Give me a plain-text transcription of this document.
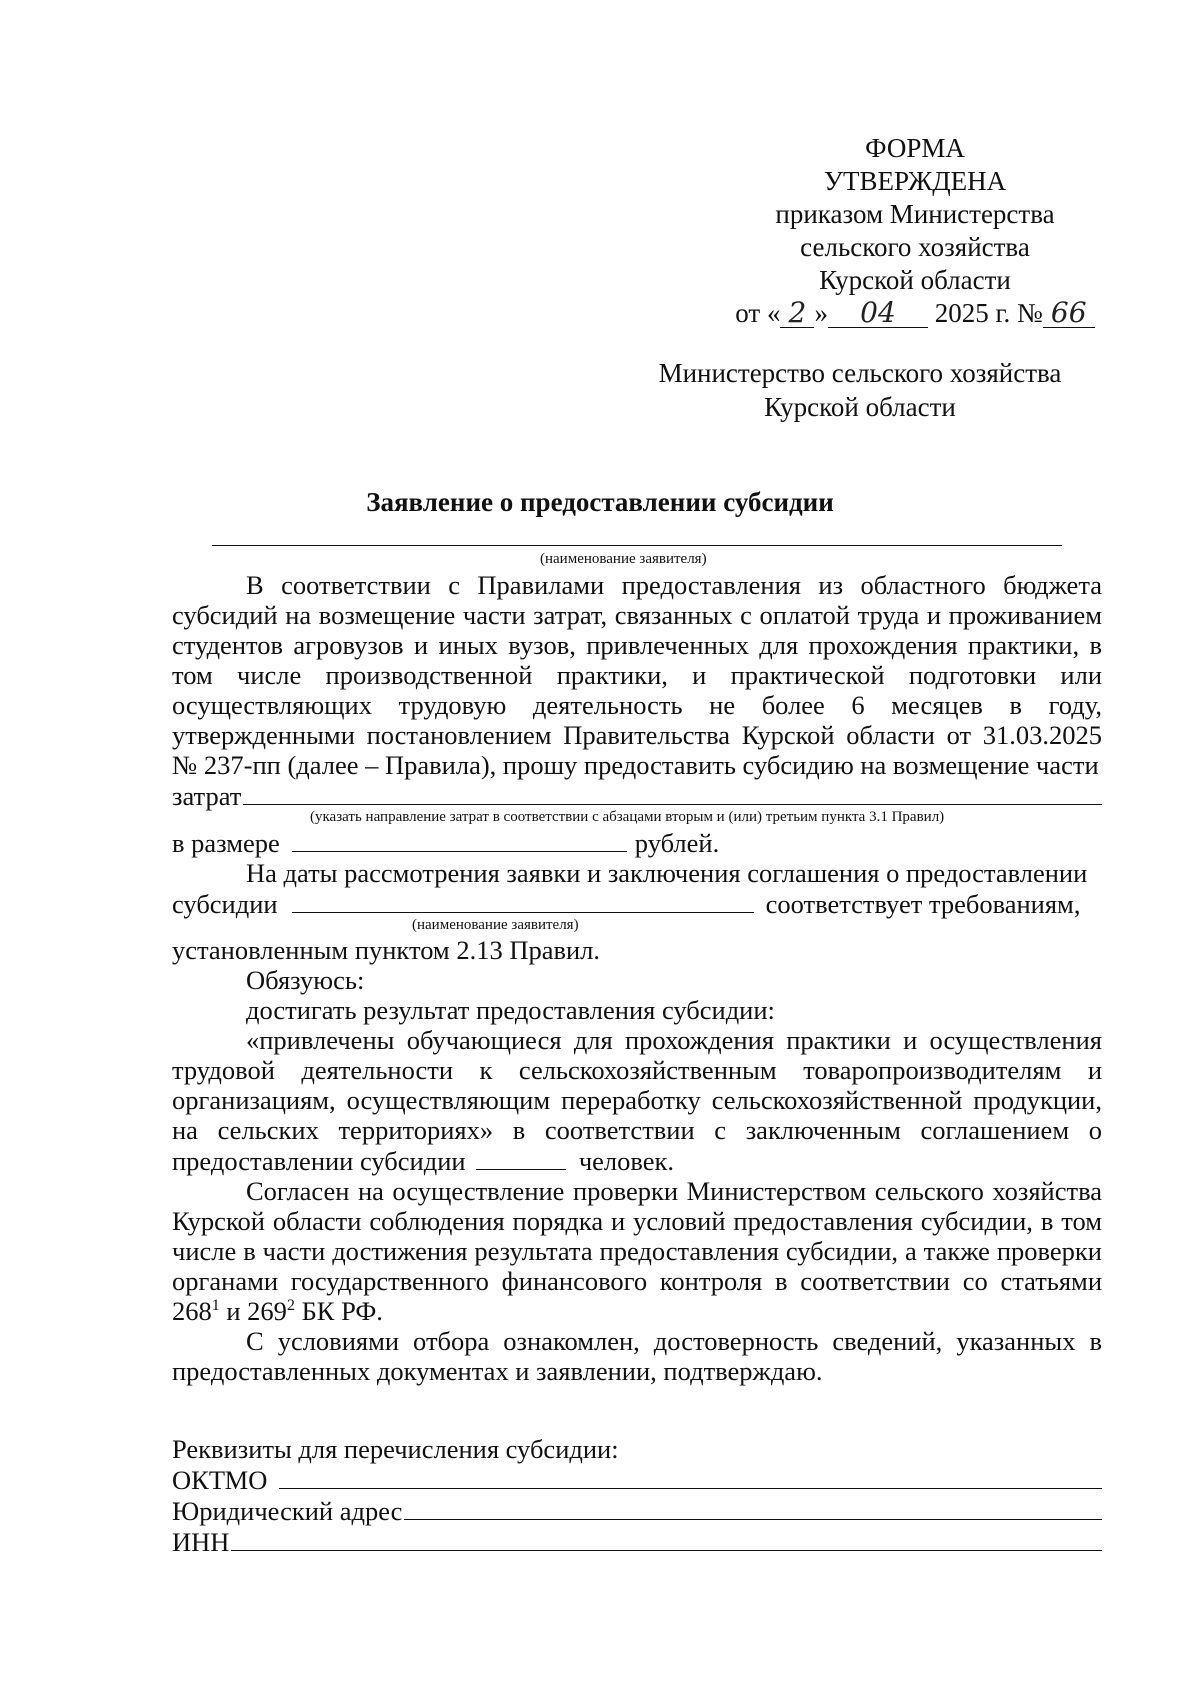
ФОРМА
УТВЕРЖДЕНА
приказом Министерства
сельского хозяйства
Курской области
от « 2 » 04 2025 г. № 66
Министерство сельского хозяйства
Курской области
Заявление о предоставлении субсидии
(наименование заявителя)
В соответствии с Правилами предоставления из областного бюджета субсидий на возмещение части затрат, связанных с оплатой труда и проживанием студентов агровузов и иных вузов, привлеченных для прохождения практики, в том числе производственной практики, и практической подготовки или осуществляющих трудовую деятельность не более 6 месяцев в году, утвержденными постановлением Правительства Курской области от 31.03.2025 № 237-пп (далее – Правила), прошу предоставить субсидию на возмещение части
затрат
(указать направление затрат в соответствии с абзацами вторым и (или) третьим пункта 3.1 Правил)
в размере	рублей.
На даты рассмотрения заявки и заключения соглашения о предоставлении
субсидии	соответствует требованиям,
(наименование заявителя)
установленным пунктом 2.13 Правил.
Обязуюсь:
достигать результат предоставления субсидии:
«привлечены обучающиеся для прохождения практики и осуществления трудовой деятельности к сельскохозяйственным товаропроизводителям и организациям, осуществляющим переработку сельскохозяйственной продукции, на сельских территориях» в соответствии с заключенным соглашением о предоставлении субсидии	человек.
Согласен на осуществление проверки Министерством сельского хозяйства Курской области соблюдения порядка и условий предоставления субсидии, в том числе в части достижения результата предоставления субсидии, а также проверки органами государственного финансового контроля в соответствии со статьями $268^1$ и $269^2$ БК РФ.
С условиями отбора ознакомлен, достоверность сведений, указанных в предоставленных документах и заявлении, подтверждаю.
Реквизиты для перечисления субсидии:
ОКТМО
Юридический адрес
ИНН
